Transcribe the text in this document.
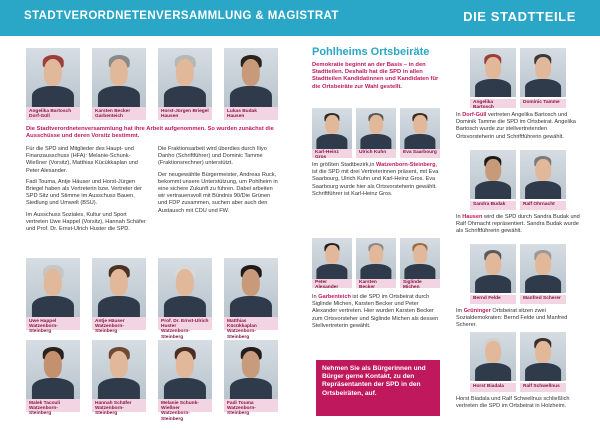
STADTVERORDNETENVERSAMMLUNG & MAGISTRAT	DIE STADTTEILE
Angelika Bartosch
Dorf-Güll
Karsten Becker
Garbenteich
Horst-Jürgen Briegel
Hausen
Lukas Budak
Hausen
Die Stadtverordnetenversammlung hat ihre Arbeit aufgenommen. So wurden zunächst die Ausschüsse und deren Vorsitz bestimmt.

Für die SPD sind Mitglieder des Haupt- und Finanzausschuss (HFA): Melanie-Schunk-Wießner (Vorsitz), Matthias Kücükkaplan und Peter Alexander.

Fadi Touma, Antje Häuser und Horst-Jürgen Briegel haben als Vertreterin bzw. Vertreter der SPD Sitz und Stimme im Ausschuss Bauen, Siedlung und Umwelt (BSU).

Im Ausschuss Soziales, Kultur und Sport vertreten Uwe Happel (Vorsitz), Hannah Schäfer und Prof. Dr. Ernst-Ulrich Huster die SPD.

Die Fraktionsarbeit wird überdies durch Iliyo Danho (Schriftführer) und Dominic Tamme (Fraktionsrechner) unterstützt.

Der neugewählte Bürgermeister, Andreas Ruck, bekommt unsere Unterstützung, um Pohlheim in eine sichere Zukunft zu führen. Dabei arbeiten wir vertrauensvoll mit Bündnis 90/Die Grünen und FDP zusammen, suchen aber auch den Austausch mit CDU und FW.

Uwe Happel
Watzenborn-Steinberg
Antje Häuser
Watzenborn-Steinberg
Prof. Dr. Ernst-Ulrich Huster
Watzenborn-Steinberg
Matthias Kücükkaplan
Watzenborn-Steinberg
Malek Tacouli
Watzenborn-Steinberg
Hannah Schäfer
Watzenborn-Steinberg
Melanie Schunk-Wießner
Watzenborn-Steinberg
Fadi Touma
Watzenborn-Steinberg
Pohlheims Ortsbeiräte
Demokratie beginnt an der Basis – in den Stadtteilen. Deshalb hat die SPD in allen Stadtteilen Kandidatinnen und Kandidaten für die Ortsbeiräte zur Wahl gestellt.
Karl-Heinz Gros
Ulrich Kuhn	Eva Saarbourg
Im größten Stadtbezirk,in Watzenborn-Steinberg, ist die SPD mit drei Vertreterinnen präsent, mit Eva Saarbourg, Ulrich Kuhn und Karl-Heinz Gros. Eva Saarbourg wurde hier als Ortsvorsteherin gewählt. Schriftführer ist Karl-Heinz Gros.
Peter Alexander
Karsten Becker
Siglinde Michen
In Garbenteich ist die SPD im Ortsbeirat durch Siglinde Michen, Karsten Becker und Peter Alexander vertreten. Hier wurden Karsten Becker zum Ortsvorsteher und Siglinde Michen als dessen Stellvertreterin gewählt.
Nehmen Sie als Bürgerinnen und Bürger gerne Kontakt, zu den Repräsentanten der SPD in den Ortsbeiräten, auf.
Angelika Bartosch
Dominic Tamme
In Dorf-Güll vertreten Angelika Bartosch und Dominik Tamme die SPD im Ortsbeirat. Angelika Bartosch wurde zur stellvertretenden Ortsvorsteherin und Schriftführerin gewählt.
Sandra Budak	Ralf Ohrnacht
In Hausen wird die SPD durch Sandra Budak und Ralf Ohrnacht repräsentiert. Sandra Budak wurde als Schriftführerin gewählt.
Bernd Felde	Manfred Scherer
Im Grüninger Ortsbeirat sitzen zwei Sozialdemokraten: Bernd Felde und Manfred Scherer.
Horst Biadala	Ralf Schwellnus
Horst Biadala und Ralf Schwellnus schließlich vertreten die SPD im Ortsbeirat in Holzheim.
